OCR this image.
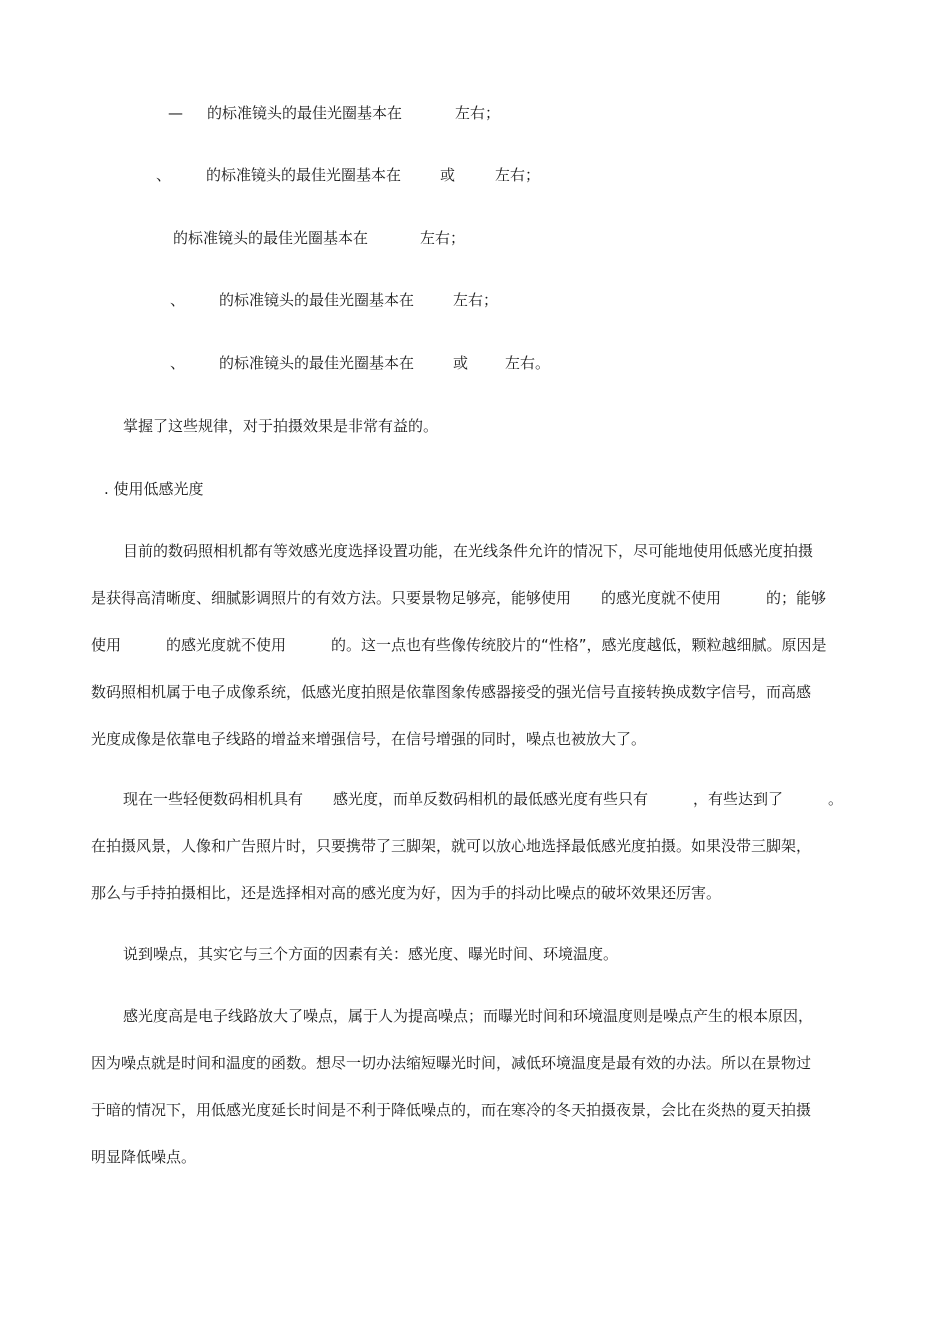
— 的标准镜头的最佳光圈基本在	左右；
、 的标准镜头的最佳光圈基本在	或	左右；
的标准镜头的最佳光圈基本在	左右；
、 的标准镜头的最佳光圈基本在	左右；
、 的标准镜头的最佳光圈基本在	或 左右。
掌握了这些规律，对于拍摄效果是非常有益的。
. 使用低感光度
目前的数码照相机都有等效感光度选择设置功能，在光线条件允许的情况下，尽可能地使用低感光度拍摄
是获得高清晰度、细腻影调照片的有效方法。只要景物足够亮，能够使用　　的感光度就不使用　　　的；能够
使用　　　的感光度就不使用　　　的。这一点也有些像传统胶片的“性格”，感光度越低，颗粒越细腻。原因是
数码照相机属于电子成像系统，低感光度拍照是依靠图象传感器接受的强光信号直接转换成数字信号，而高感
光度成像是依靠电子线路的增益来增强信号，在信号增强的同时，噪点也被放大了。
现在一些轻便数码相机具有　　感光度，而单反数码相机的最低感光度有些只有　　　，有些达到了　　　。
在拍摄风景，人像和广告照片时，只要携带了三脚架，就可以放心地选择最低感光度拍摄。如果没带三脚架，
那么与手持拍摄相比，还是选择相对高的感光度为好，因为手的抖动比噪点的破坏效果还厉害。
说到噪点，其实它与三个方面的因素有关：感光度、曝光时间、环境温度。
感光度高是电子线路放大了噪点，属于人为提高噪点；而曝光时间和环境温度则是噪点产生的根本原因，
因为噪点就是时间和温度的函数。想尽一切办法缩短曝光时间，减低环境温度是最有效的办法。所以在景物过
于暗的情况下，用低感光度延长时间是不利于降低噪点的，而在寒冷的冬天拍摄夜景，会比在炎热的夏天拍摄
明显降低噪点。
